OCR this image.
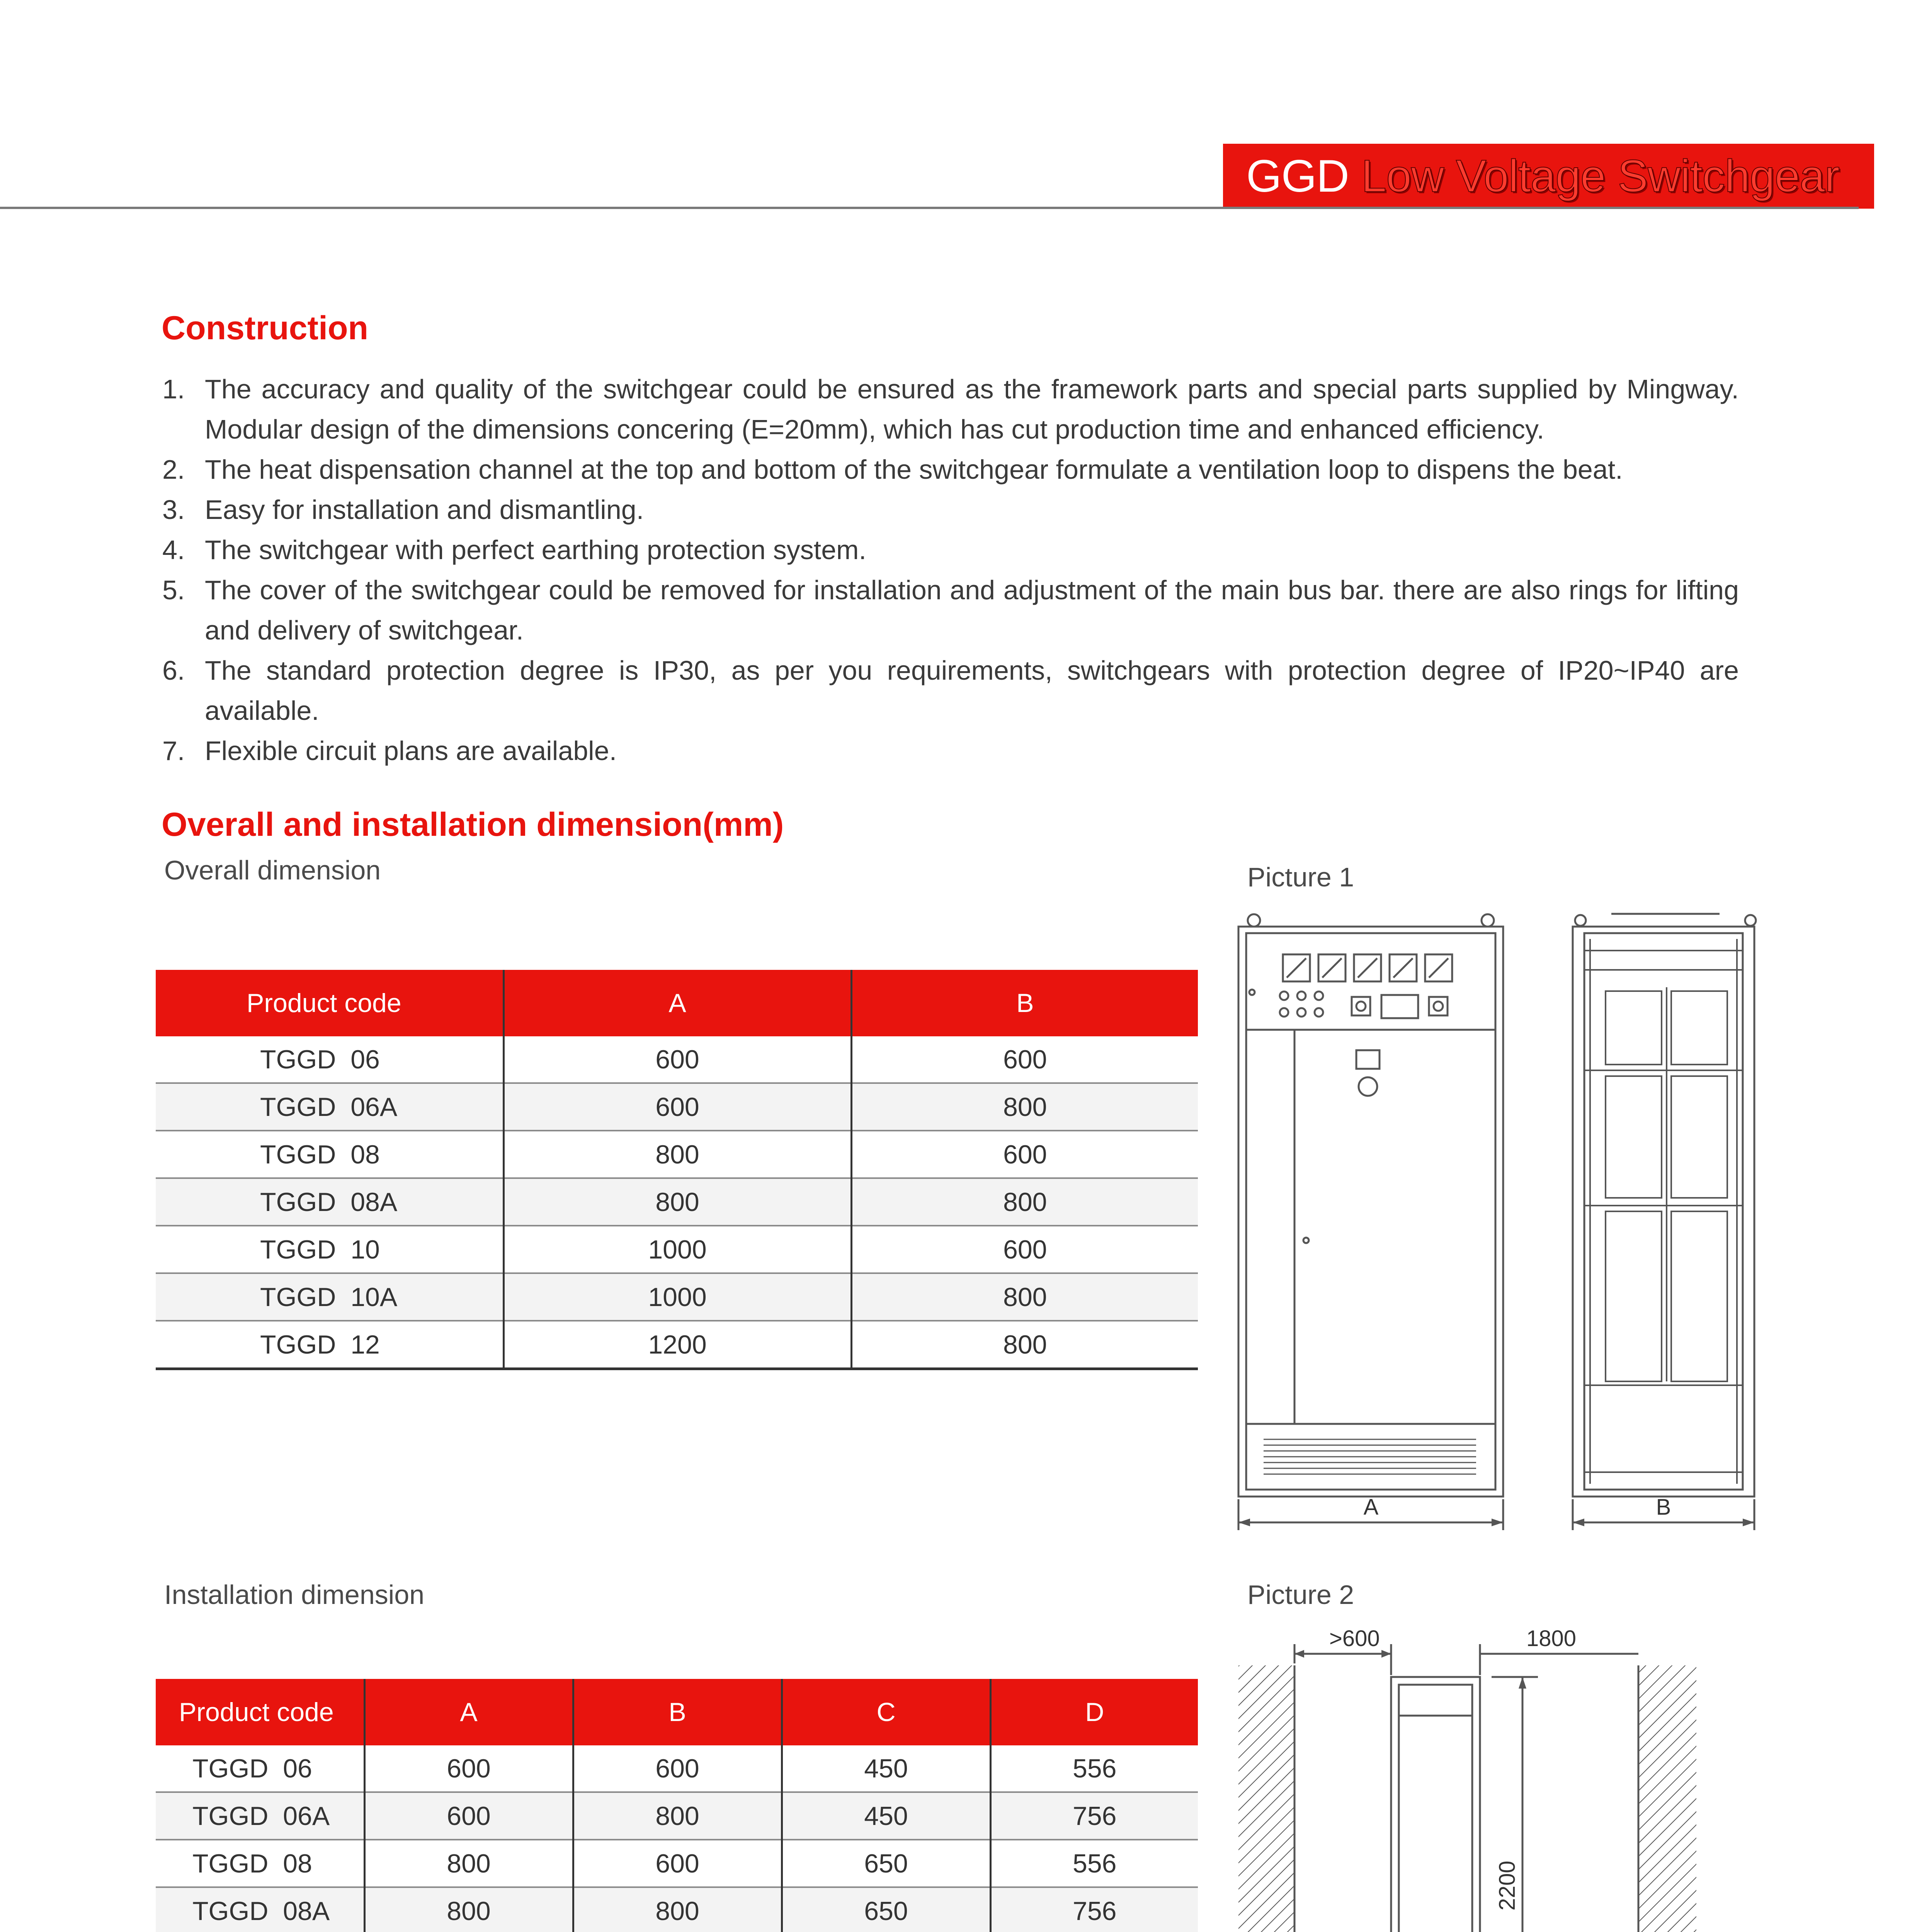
GGD Low Voltage Switchgear
Construction
1. The accuracy and quality of the switchgear could be ensured as the framework parts and special parts supplied by Mingway. Modular design of the dimensions concering (E=20mm), which has cut production time and enhanced efficiency.
2. The heat dispensation channel at the top and bottom of the switchgear formulate a ventilation loop to dispens the beat.
3. Easy for installation and dismantling.
4. The switchgear with perfect earthing protection system.
5. The cover of the switchgear could be removed for installation and adjustment of the main bus bar. there are also rings for lifting and delivery of switchgear.
6. The standard protection degree is IP30, as per you requirements, switchgears with protection degree of IP20~IP40 are available.
7. Flexible circuit plans are available.
Overall and installation dimension(mm)
Overall dimension
Product code	A	B
TGGD  06	600	600
TGGD  06A	600	800
TGGD  08	800	600
TGGD  08A	800	800
TGGD  10	1000	600
TGGD  10A	1000	800
TGGD  12	1200	800
Installation dimension
Product code	A	B	C	D
TGGD  06	600	600	450	556
TGGD  06A	600	800	450	756
TGGD  08	800	600	650	556
TGGD  08A	800	800	650	756

Picture 1
A	B
Picture 2
>600	1800
2200
